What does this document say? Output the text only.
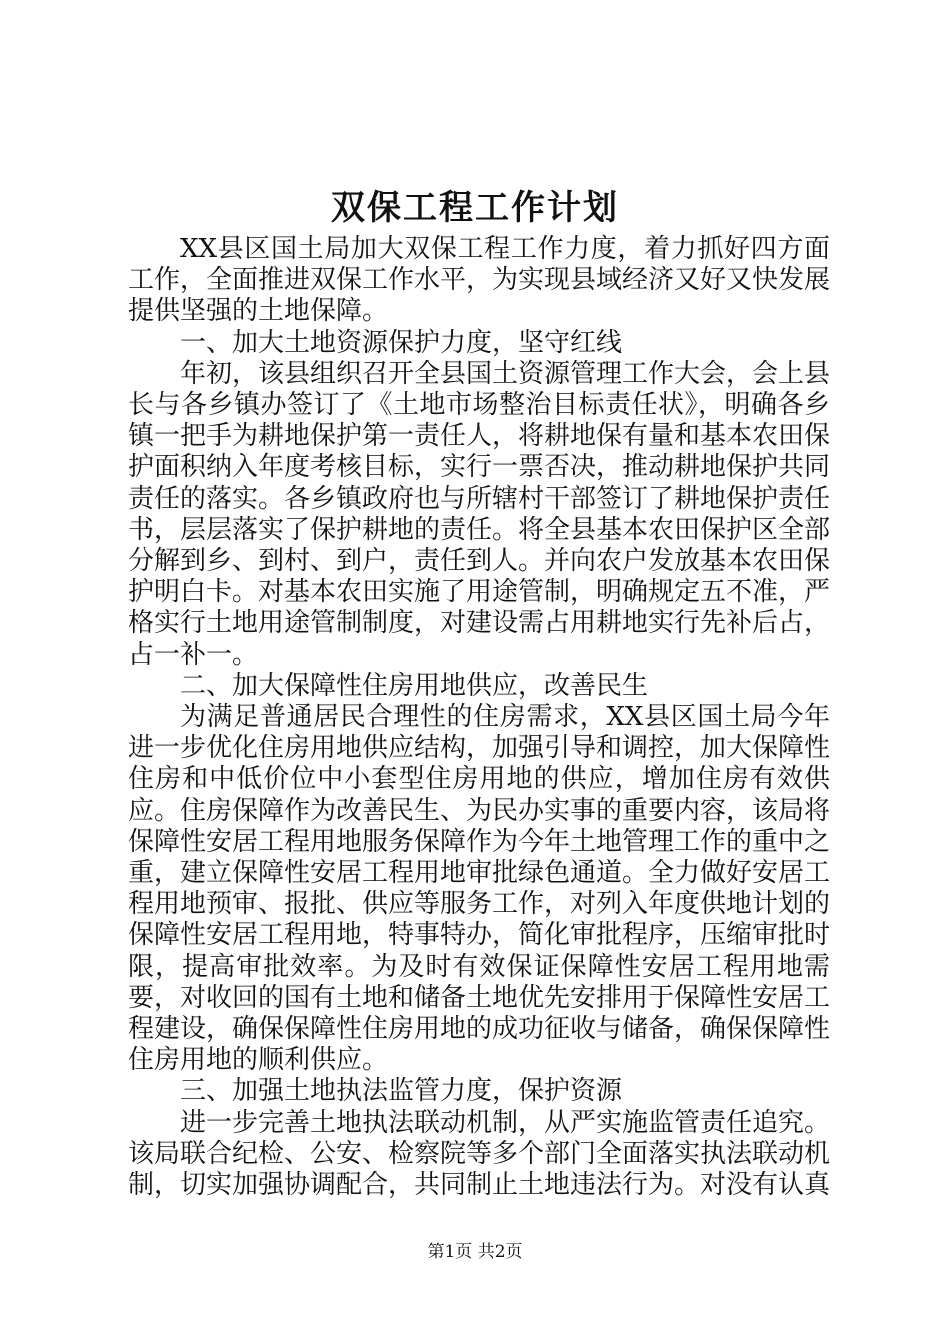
双保工程工作计划

XX县区国土局加大双保工程工作力度，着力抓好四方面工作，全面推进双保工作水平，为实现县域经济又好又快发展提供坚强的土地保障。

一、加大土地资源保护力度，坚守红线

年初，该县组织召开全县国土资源管理工作大会，会上县长与各乡镇办签订了《土地市场整治目标责任状》，明确各乡镇一把手为耕地保护第一责任人，将耕地保有量和基本农田保护面积纳入年度考核目标，实行一票否决，推动耕地保护共同责任的落实。各乡镇政府也与所辖村干部签订了耕地保护责任书，层层落实了保护耕地的责任。将全县基本农田保护区全部分解到乡、到村、到户，责任到人。并向农户发放基本农田保护明白卡。对基本农田实施了用途管制，明确规定五不准，严格实行土地用途管制制度，对建设需占用耕地实行先补后占，占一补一。

二、加大保障性住房用地供应，改善民生

为满足普通居民合理性的住房需求，XX县区国土局今年进一步优化住房用地供应结构，加强引导和调控，加大保障性住房和中低价位中小套型住房用地的供应，增加住房有效供应。住房保障作为改善民生、为民办实事的重要内容，该局将保障性安居工程用地服务保障作为今年土地管理工作的重中之重，建立保障性安居工程用地审批绿色通道。全力做好安居工程用地预审、报批、供应等服务工作，对列入年度供地计划的保障性安居工程用地，特事特办，简化审批程序，压缩审批时限，提高审批效率。为及时有效保证保障性安居工程用地需要，对收回的国有土地和储备土地优先安排用于保障性安居工程建设，确保保障性住房用地的成功征收与储备，确保保障性住房用地的顺利供应。

三、加强土地执法监管力度，保护资源

进一步完善土地执法联动机制，从严实施监管责任追究。该局联合纪检、公安、检察院等多个部门全面落实执法联动机制，切实加强协调配合，共同制止土地违法行为。对没有认真

第1页 共2页
